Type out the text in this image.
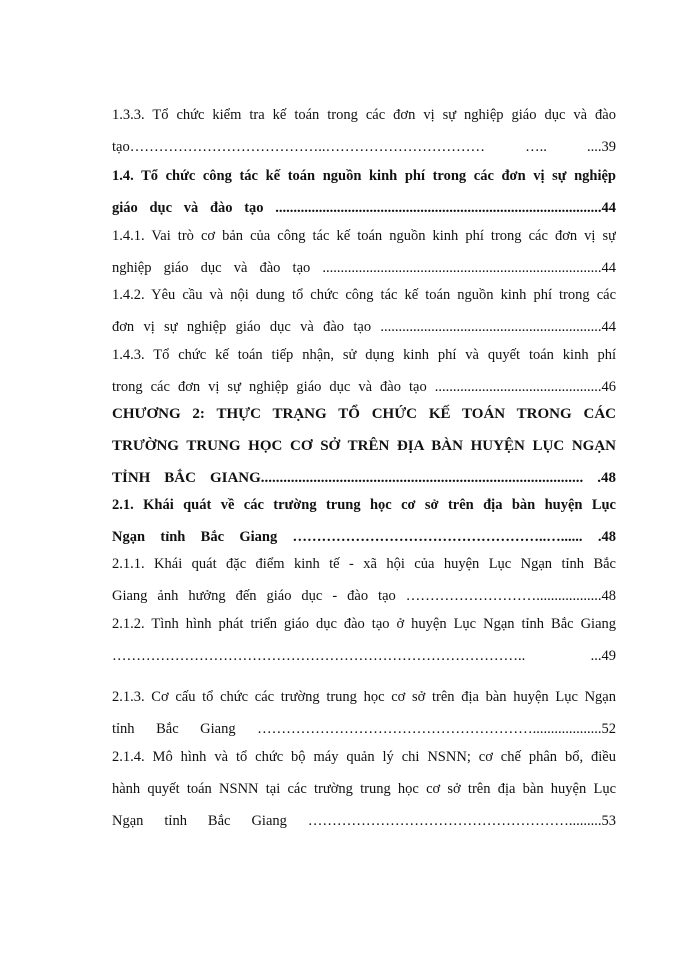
1.3.3. Tổ chức kiểm tra kế toán trong các đơn vị sự nghiệp giáo dục và đào
tạo…………………………………..…………………………… ….. ....39
1.4. Tổ chức công tác kế toán nguồn kinh phí trong các đơn vị sự nghiệp
giáo dục và đào tạo ..........................................................................................44
1.4.1. Vai trò cơ bản của công tác kế toán nguồn kinh phí trong các đơn vị sự
nghiệp giáo dục và đào tạo .............................................................................44
1.4.2. Yêu cầu và nội dung tổ chức công tác kế toán nguồn kinh phí trong các
đơn vị sự nghiệp giáo dục và đào tạo .............................................................44
1.4.3. Tổ chức kế toán tiếp nhận, sử dụng kinh phí và quyết toán kinh phí
trong các đơn vị sự nghiệp giáo dục và đào tạo ..............................................46
CHƯƠNG 2: THỰC TRẠNG TỔ CHỨC KẾ TOÁN TRONG CÁC
TRƯỜNG TRUNG HỌC CƠ SỞ TRÊN ĐỊA BÀN HUYỆN LỤC NGẠN
TỈNH BẮC GIANG...................................................................................... .48
2.1. Khái quát về các trường trung học cơ sở trên địa bàn huyện Lục
Ngạn tỉnh Bắc Giang ……………………………………………..…...... .48
2.1.1. Khái quát đặc điểm kinh tế - xã hội của huyện Lục Ngạn tỉnh Bắc
Giang ảnh hưởng đến giáo dục - đào tạo ………………………..................48
2.1.2. Tình hình phát triển giáo dục đào tạo ở huyện Lục Ngạn tỉnh Bắc Giang
………………………………………………………………………….. ...49
2.1.3. Cơ cấu tổ chức các trường trung học cơ sở trên địa bàn huyện Lục Ngạn
tỉnh Bắc Giang …………………………………………………...................52
2.1.4. Mô hình và tổ chức bộ máy quản lý chi NSNN; cơ chế phân bổ, điều
hành quyết toán NSNN tại các trường trung học cơ sở trên địa bàn huyện Lục
Ngạn tỉnh Bắc Giang ……………………………………………….........53
